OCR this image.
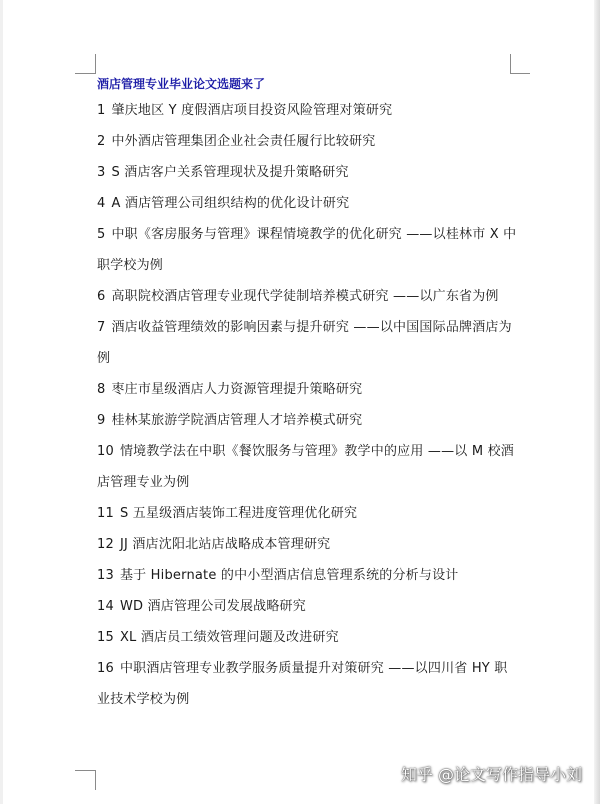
酒店管理专业毕业论文选题来了
1 肇庆地区 Y 度假酒店项目投资风险管理对策研究
2 中外酒店管理集团企业社会责任履行比较研究
3 S 酒店客户关系管理现状及提升策略研究
4 A 酒店管理公司组织结构的优化设计研究
5 中职《客房服务与管理》课程情境教学的优化研究 ——以桂林市 X 中职学校为例
6 高职院校酒店管理专业现代学徒制培养模式研究 ——以广东省为例
7 酒店收益管理绩效的影响因素与提升研究 ——以中国国际品牌酒店为例
8 枣庄市星级酒店人力资源管理提升策略研究
9 桂林某旅游学院酒店管理人才培养模式研究
10 情境教学法在中职《餐饮服务与管理》教学中的应用 ——以 M 校酒店管理专业为例
11 S 五星级酒店装饰工程进度管理优化研究
12 JJ 酒店沈阳北站店战略成本管理研究
13 基于 Hibernate 的中小型酒店信息管理系统的分析与设计
14 WD 酒店管理公司发展战略研究
15 XL 酒店员工绩效管理问题及改进研究
16 中职酒店管理专业教学服务质量提升对策研究 ——以四川省 HY 职业技术学校为例
知乎 @论文写作指导小刘
